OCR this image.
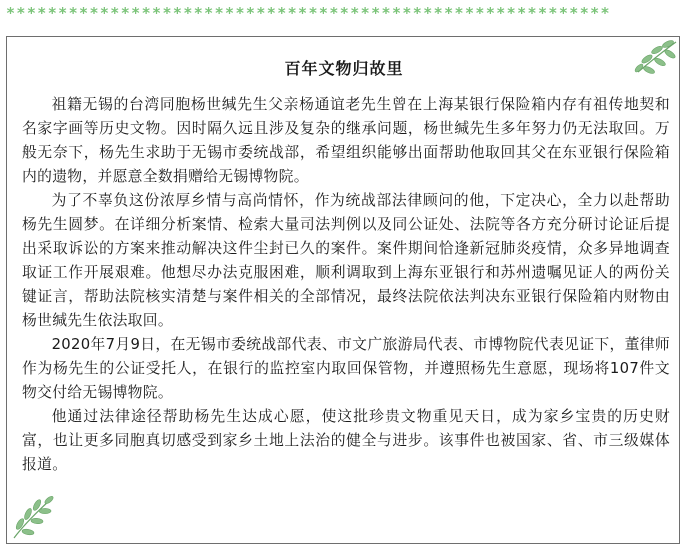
**********************************************************
百年文物归故里

祖籍无锡的台湾同胞杨世缄先生父亲杨通谊老先生曾在上海某银行保险箱内存有祖传地契和名家字画等历史文物。因时隔久远且涉及复杂的继承问题，杨世缄先生多年努力仍无法取回。万般无奈下，杨先生求助于无锡市委统战部，希望组织能够出面帮助他取回其父在东亚银行保险箱内的遗物，并愿意全数捐赠给无锡博物院。

为了不辜负这份浓厚乡情与高尚情怀，作为统战部法律顾问的他，下定决心，全力以赴帮助杨先生圆梦。在详细分析案情、检索大量司法判例以及同公证处、法院等各方充分研讨论证后提出采取诉讼的方案来推动解决这件尘封已久的案件。案件期间恰逢新冠肺炎疫情，众多异地调查取证工作开展艰难。他想尽办法克服困难，顺利调取到上海东亚银行和苏州遗嘱见证人的两份关键证言，帮助法院核实清楚与案件相关的全部情况，最终法院依法判决东亚银行保险箱内财物由杨世缄先生依法取回。

2020年7月9日，在无锡市委统战部代表、市文广旅游局代表、市博物院代表见证下，董律师作为杨先生的公证受托人，在银行的监控室内取回保管物，并遵照杨先生意愿，现场将107件文物交付给无锡博物院。

他通过法律途径帮助杨先生达成心愿，使这批珍贵文物重见天日，成为家乡宝贵的历史财富，也让更多同胞真切感受到家乡土地上法治的健全与进步。该事件也被国家、省、市三级媒体报道。
